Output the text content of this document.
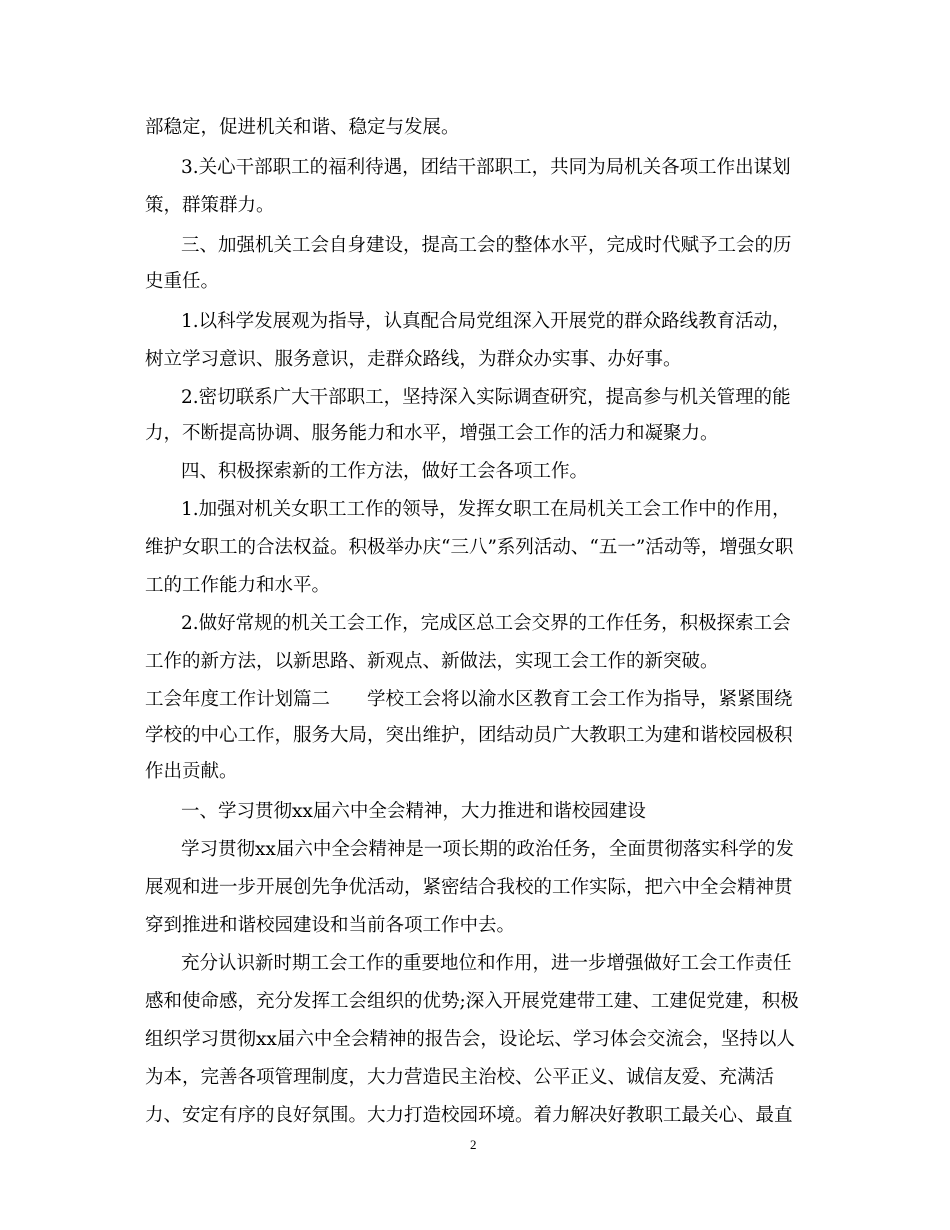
部稳定，促进机关和谐、稳定与发展。
3.关心干部职工的福利待遇，团结干部职工，共同为局机关各项工作出谋划
策，群策群力。
三、加强机关工会自身建设，提高工会的整体水平，完成时代赋予工会的历
史重任。
1.以科学发展观为指导，认真配合局党组深入开展党的群众路线教育活动，
树立学习意识、服务意识，走群众路线，为群众办实事、办好事。
2.密切联系广大干部职工，坚持深入实际调查研究，提高参与机关管理的能
力，不断提高协调、服务能力和水平，增强工会工作的活力和凝聚力。
四、积极探索新的工作方法，做好工会各项工作。
1.加强对机关女职工工作的领导，发挥女职工在局机关工会工作中的作用，
维护女职工的合法权益。积极举办庆“三八”系列活动、“五一”活动等，增强女职
工的工作能力和水平。
2.做好常规的机关工会工作，完成区总工会交界的工作任务，积极探索工会
工作的新方法，以新思路、新观点、新做法，实现工会工作的新突破。
工会年度工作计划篇二　　学校工会将以渝水区教育工会工作为指导，紧紧围绕
学校的中心工作，服务大局，突出维护，团结动员广大教职工为建和谐校园极积
作出贡献。
一、学习贯彻xx届六中全会精神，大力推进和谐校园建设
学习贯彻xx届六中全会精神是一项长期的政治任务，全面贯彻落实科学的发
展观和进一步开展创先争优活动，紧密结合我校的工作实际，把六中全会精神贯
穿到推进和谐校园建设和当前各项工作中去。
充分认识新时期工会工作的重要地位和作用，进一步增强做好工会工作责任
感和使命感，充分发挥工会组织的优势;深入开展党建带工建、工建促党建，积极
组织学习贯彻xx届六中全会精神的报告会，设论坛、学习体会交流会，坚持以人
为本，完善各项管理制度，大力营造民主治校、公平正义、诚信友爱、充满活
力、安定有序的良好氛围。大力打造校园环境。着力解决好教职工最关心、最直
2
